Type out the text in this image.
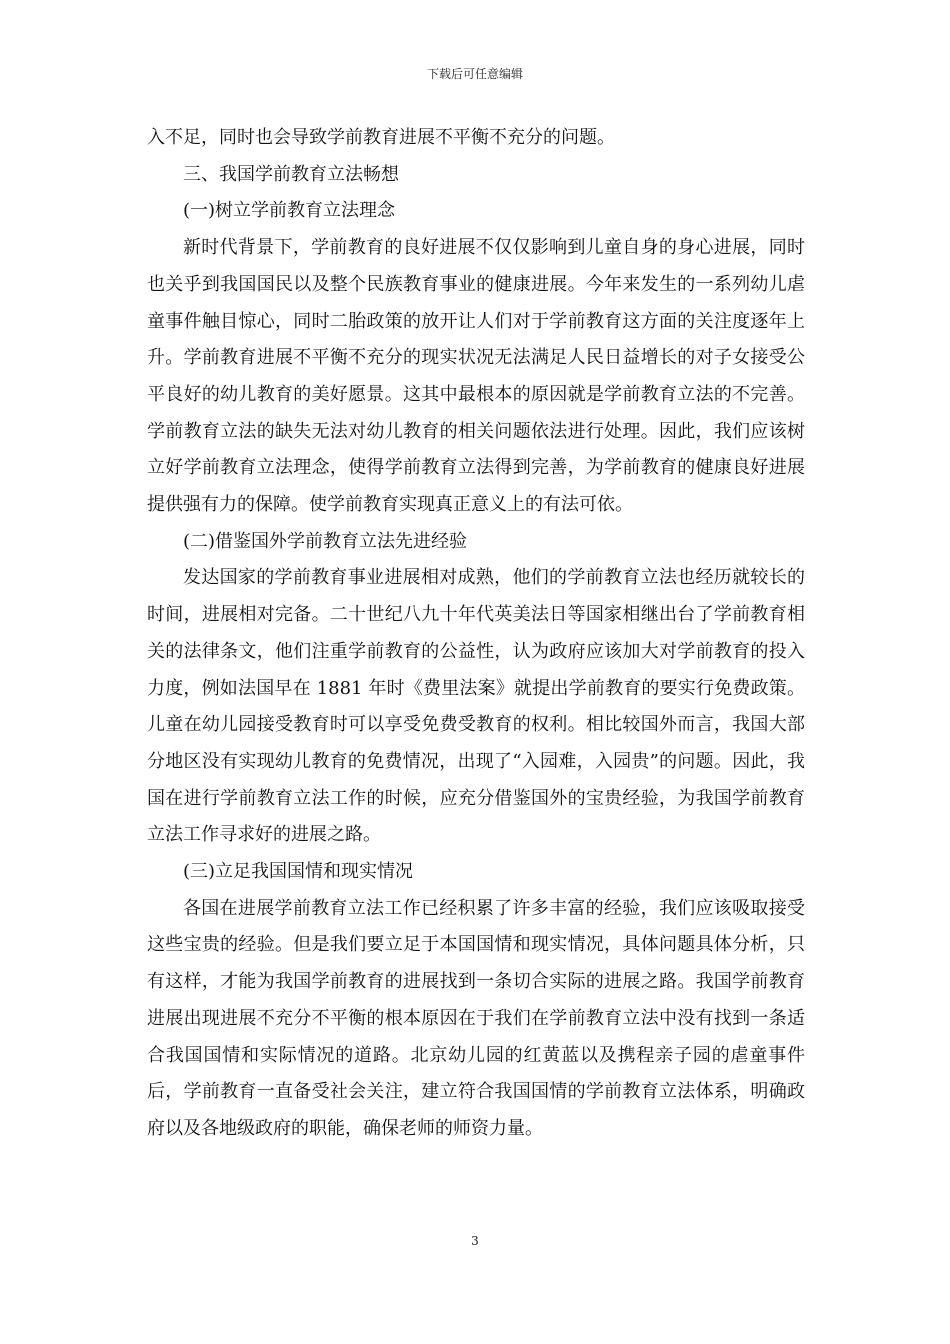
下载后可任意编辑

入不足，同时也会导致学前教育进展不平衡不充分的问题。

三、我国学前教育立法畅想

(一)树立学前教育立法理念

新时代背景下，学前教育的良好进展不仅仅影响到儿童自身的身心进展，同时也关乎到我国国民以及整个民族教育事业的健康进展。今年来发生的一系列幼儿虐童事件触目惊心，同时二胎政策的放开让人们对于学前教育这方面的关注度逐年上升。学前教育进展不平衡不充分的现实状况无法满足人民日益增长的对子女接受公平良好的幼儿教育的美好愿景。这其中最根本的原因就是学前教育立法的不完善。学前教育立法的缺失无法对幼儿教育的相关问题依法进行处理。因此，我们应该树立好学前教育立法理念，使得学前教育立法得到完善，为学前教育的健康良好进展提供强有力的保障。使学前教育实现真正意义上的有法可依。

(二)借鉴国外学前教育立法先进经验

发达国家的学前教育事业进展相对成熟，他们的学前教育立法也经历就较长的时间，进展相对完备。二十世纪八九十年代英美法日等国家相继出台了学前教育相关的法律条文，他们注重学前教育的公益性，认为政府应该加大对学前教育的投入力度，例如法国早在 1881 年时《费里法案》就提出学前教育的要实行免费政策。儿童在幼儿园接受教育时可以享受免费受教育的权利。相比较国外而言，我国大部分地区没有实现幼儿教育的免费情况，出现了“入园难，入园贵”的问题。因此，我国在进行学前教育立法工作的时候，应充分借鉴国外的宝贵经验，为我国学前教育立法工作寻求好的进展之路。

(三)立足我国国情和现实情况

各国在进展学前教育立法工作已经积累了许多丰富的经验，我们应该吸取接受这些宝贵的经验。但是我们要立足于本国国情和现实情况，具体问题具体分析，只有这样，才能为我国学前教育的进展找到一条切合实际的进展之路。我国学前教育进展出现进展不充分不平衡的根本原因在于我们在学前教育立法中没有找到一条适合我国国情和实际情况的道路。北京幼儿园的红黄蓝以及携程亲子园的虐童事件后，学前教育一直备受社会关注，建立符合我国国情的学前教育立法体系，明确政府以及各地级政府的职能，确保老师的师资力量。

3
